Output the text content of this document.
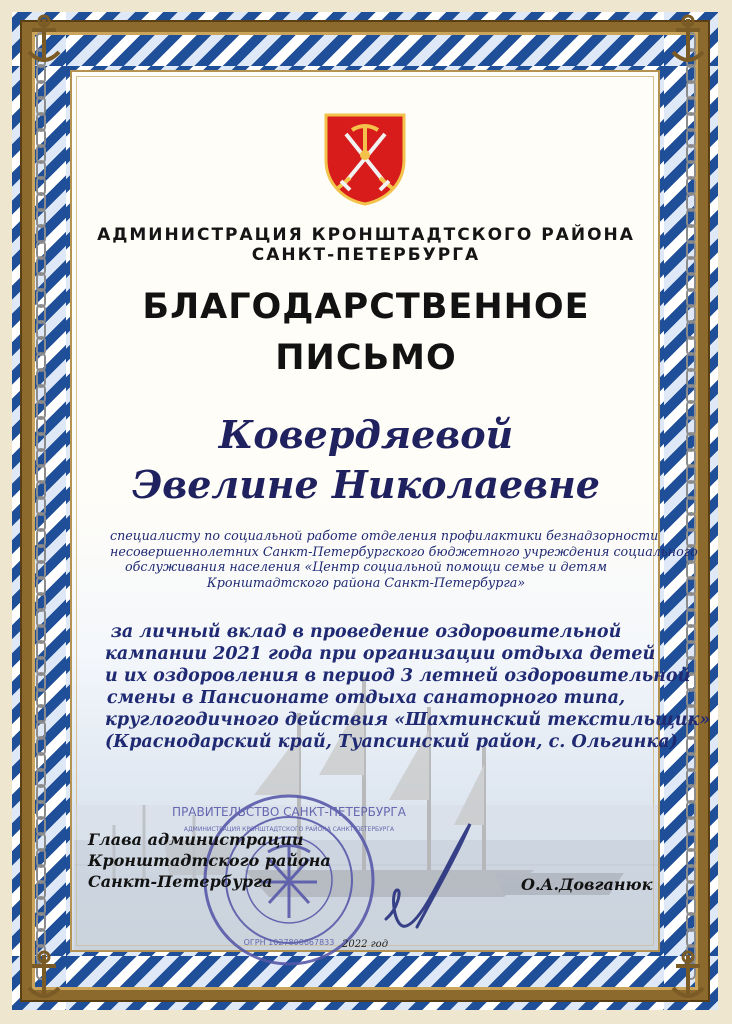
АДМИНИСТРАЦИЯ КРОНШТАДТСКОГО РАЙОНА
САНКТ-ПЕТЕРБУРГА
БЛАГОДАРСТВЕННОЕ
ПИСЬМО
Ковердяевой
Эвелине Николаевне
специалисту по социальной работе отделения профилактики безнадзорности
несовершеннолетних Санкт-Петербургского бюджетного учреждения социального
обслуживания населения «Центр социальной помощи семье и детям
Кронштадтского района Санкт-Петербурга»
за личный вклад в проведение оздоровительной
кампании 2021 года при организации отдыха детей
и их оздоровления в период 3 летней оздоровительной
смены в Пансионате отдыха санаторного типа,
круглогодичного действия «Шахтинский текстильщик»
(Краснодарский край, Туапсинский район, с. Ольгинка)
ПРАВИТЕЛЬСТВО САНКТ-ПЕТЕРБУРГА
АДМИНИСТРАЦИЯ КРОНШТАДТСКОГО РАЙОНА САНКТ-ПЕТЕРБУРГА
ОГРН 1027808667833
Глава администрации
Кронштадтского района
Санкт-Петербурга	О.А.Довганюк
2022 год
